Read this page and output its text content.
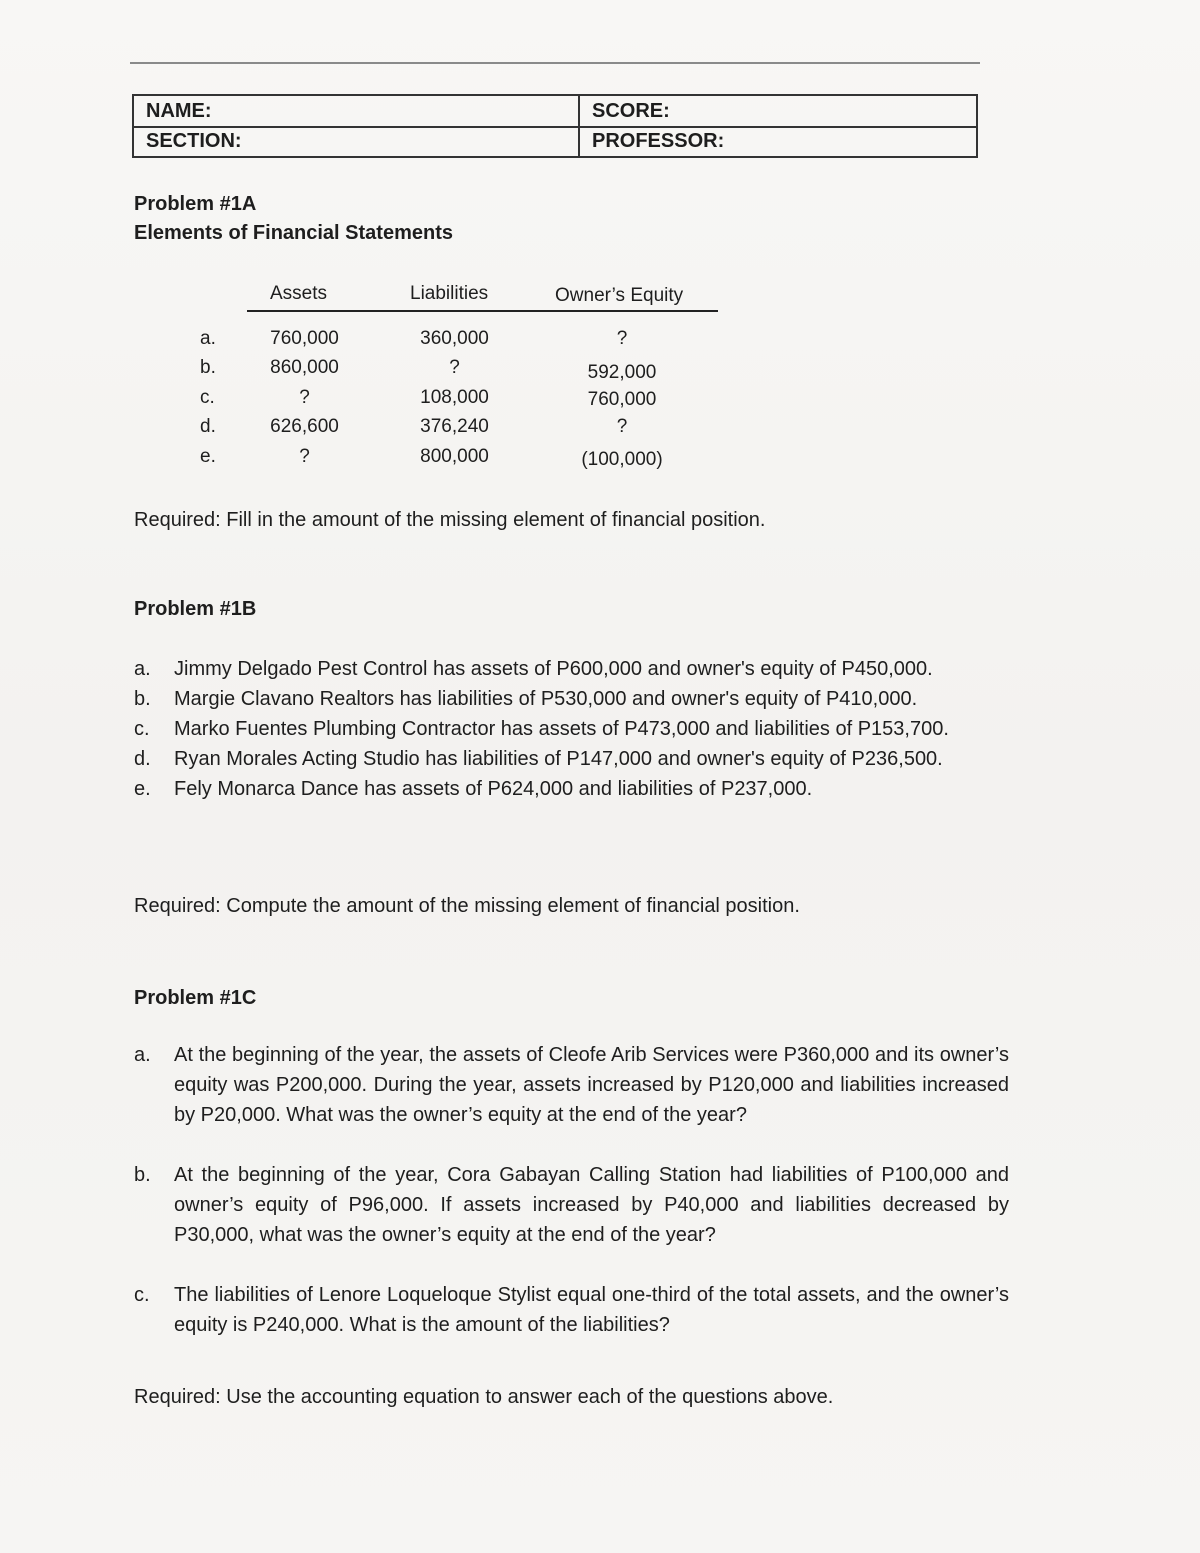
NAME:
SECTION:
SCORE:
PROFESSOR:
Problem #1A
Elements of Financial Statements
Assets	Liabilities	Owner’s Equity
a.	760,000	360,000	?
b.	860,000	?	592,000
c.	?	108,000	760,000
d.	626,600	376,240	?
e.	?	800,000	(100,000)
Required: Fill in the amount of the missing element of financial position.
Problem #1B
a. Jimmy Delgado Pest Control has assets of P600,000 and owner's equity of P450,000.
b. Margie Clavano Realtors has liabilities of P530,000 and owner's equity of P410,000.
c. Marko Fuentes Plumbing Contractor has assets of P473,000 and liabilities of P153,700.
d. Ryan Morales Acting Studio has liabilities of P147,000 and owner's equity of P236,500.
e. Fely Monarca Dance has assets of P624,000 and liabilities of P237,000.
Required: Compute the amount of the missing element of financial position.
Problem #1C
a. At the beginning of the year, the assets of Cleofe Arib Services were P360,000 and its owner’s equity was P200,000. During the year, assets increased by P120,000 and liabilities increased by P20,000. What was the owner’s equity at the end of the year?
b. At the beginning of the year, Cora Gabayan Calling Station had liabilities of P100,000 and owner’s equity of P96,000. If assets increased by P40,000 and liabilities decreased by P30,000, what was the owner’s equity at the end of the year?
c. The liabilities of Lenore Loqueloque Stylist equal one-third of the total assets, and the owner’s equity is P240,000. What is the amount of the liabilities?
Required: Use the accounting equation to answer each of the questions above.
